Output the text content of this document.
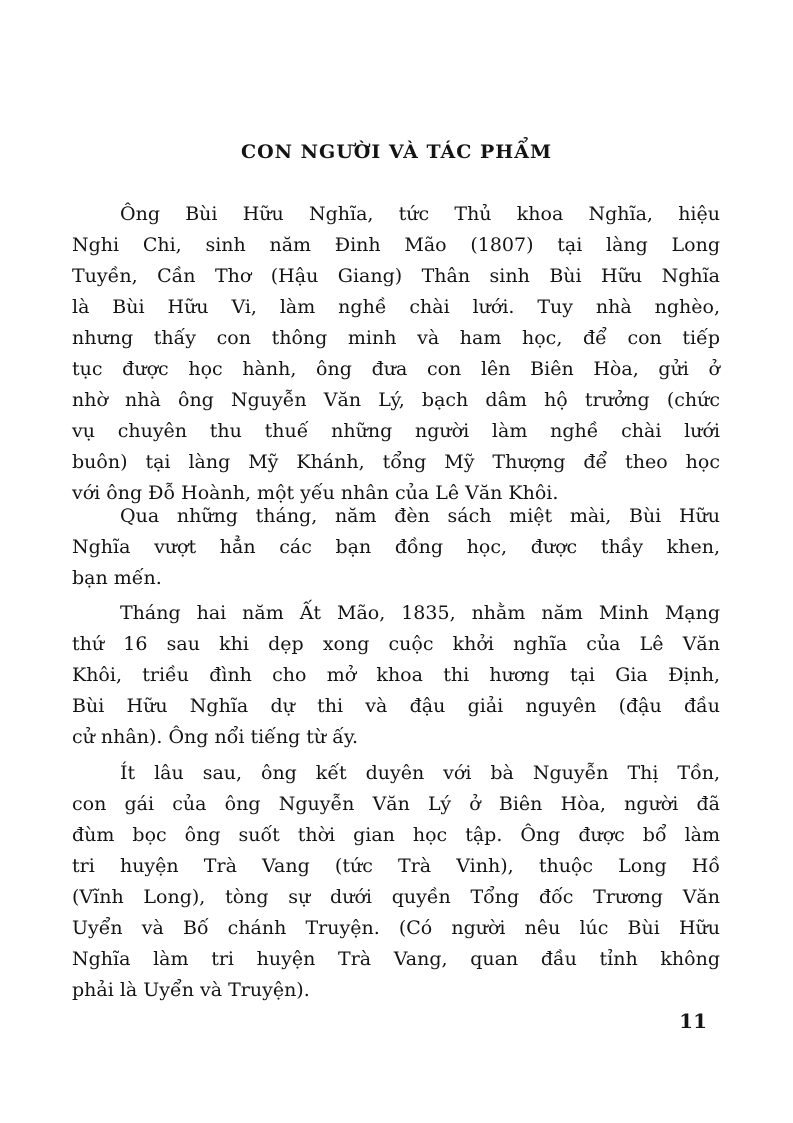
CON NGƯỜI VÀ TÁC PHẨM
Ông Bùi Hữu Nghĩa, tức Thủ khoa Nghĩa, hiệu
Nghi Chi, sinh năm Đinh Mão (1807) tại làng Long
Tuyền, Cần Thơ (Hậu Giang) Thân sinh Bùi Hữu Nghĩa
là Bùi Hữu Vi, làm nghề chài lưới. Tuy nhà nghèo,
nhưng thấy con thông minh và ham học, để con tiếp
tục được học hành, ông đưa con lên Biên Hòa, gửi ở
nhờ nhà ông Nguyễn Văn Lý, bạch dâm hộ trưởng (chức
vụ chuyên thu thuế những người làm nghề chài lưới
buôn) tại làng Mỹ Khánh, tổng Mỹ Thượng để theo học
với ông Đỗ Hoành, một yếu nhân của Lê Văn Khôi.
Qua những tháng, năm đèn sách miệt mài, Bùi Hữu
Nghĩa vượt hẳn các bạn đồng học, được thầy khen,
bạn mến.
Tháng hai năm Ất Mão, 1835, nhằm năm Minh Mạng
thứ 16 sau khi dẹp xong cuộc khởi nghĩa của Lê Văn
Khôi, triều đình cho mở khoa thi hương tại Gia Định,
Bùi Hữu Nghĩa dự thi và đậu giải nguyên (đậu đầu
cử nhân). Ông nổi tiếng từ ấy.
Ít lâu sau, ông kết duyên với bà Nguyễn Thị Tồn,
con gái của ông Nguyễn Văn Lý ở Biên Hòa, người đã
đùm bọc ông suốt thời gian học tập. Ông được bổ làm
tri huyện Trà Vang (tức Trà Vinh), thuộc Long Hồ
(Vĩnh Long), tòng sự dưới quyền Tổng đốc Trương Văn
Uyển và Bố chánh Truyện. (Có người nêu lúc Bùi Hữu
Nghĩa làm tri huyện Trà Vang, quan đầu tỉnh không
phải là Uyển và Truyện).
11
